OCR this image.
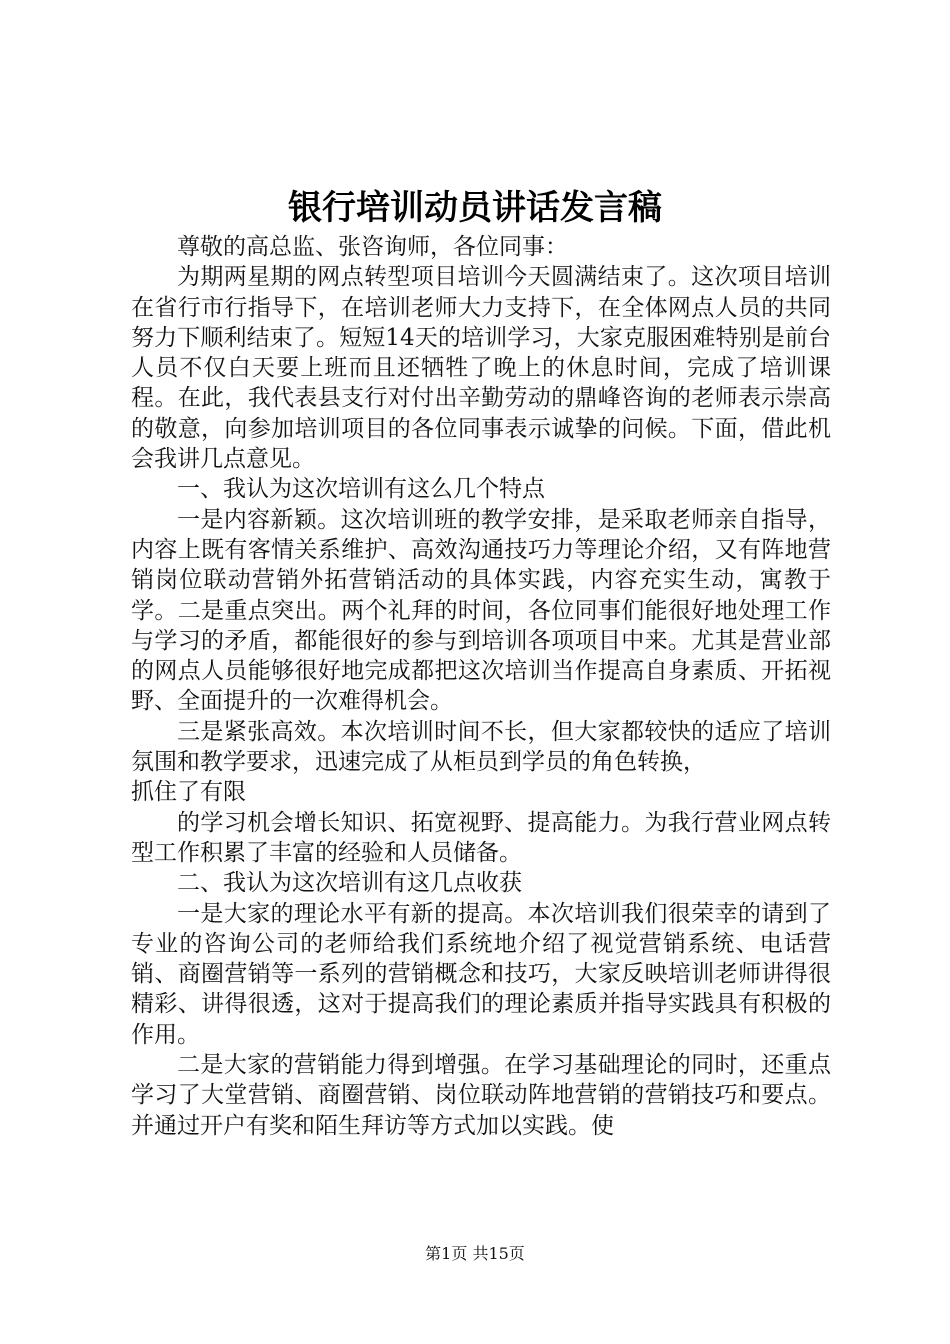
银行培训动员讲话发言稿

尊敬的高总监、张咨询师，各位同事：

为期两星期的网点转型项目培训今天圆满结束了。这次项目培训在省行市行指导下，在培训老师大力支持下，在全体网点人员的共同努力下顺利结束了。短短14天的培训学习，大家克服困难特别是前台人员不仅白天要上班而且还牺牲了晚上的休息时间，完成了培训课程。在此，我代表县支行对付出辛勤劳动的鼎峰咨询的老师表示崇高的敬意，向参加培训项目的各位同事表示诚挚的问候。下面，借此机会我讲几点意见。

一、我认为这次培训有这么几个特点

一是内容新颖。这次培训班的教学安排，是采取老师亲自指导，内容上既有客情关系维护、高效沟通技巧力等理论介绍，又有阵地营销岗位联动营销外拓营销活动的具体实践，内容充实生动，寓教于学。二是重点突出。两个礼拜的时间，各位同事们能很好地处理工作与学习的矛盾，都能很好的参与到培训各项项目中来。尤其是营业部的网点人员能够很好地完成都把这次培训当作提高自身素质、开拓视野、全面提升的一次难得机会。

三是紧张高效。本次培训时间不长，但大家都较快的适应了培训氛围和教学要求，迅速完成了从柜员到学员的角色转换，

抓住了有限

的学习机会增长知识、拓宽视野、提高能力。为我行营业网点转型工作积累了丰富的经验和人员储备。

二、我认为这次培训有这几点收获

一是大家的理论水平有新的提高。本次培训我们很荣幸的请到了专业的咨询公司的老师给我们系统地介绍了视觉营销系统、电话营销、商圈营销等一系列的营销概念和技巧，大家反映培训老师讲得很精彩、讲得很透，这对于提高我们的理论素质并指导实践具有积极的作用。

二是大家的营销能力得到增强。在学习基础理论的同时，还重点学习了大堂营销、商圈营销、岗位联动阵地营销的营销技巧和要点。并通过开户有奖和陌生拜访等方式加以实践。使

第1页 共15页
